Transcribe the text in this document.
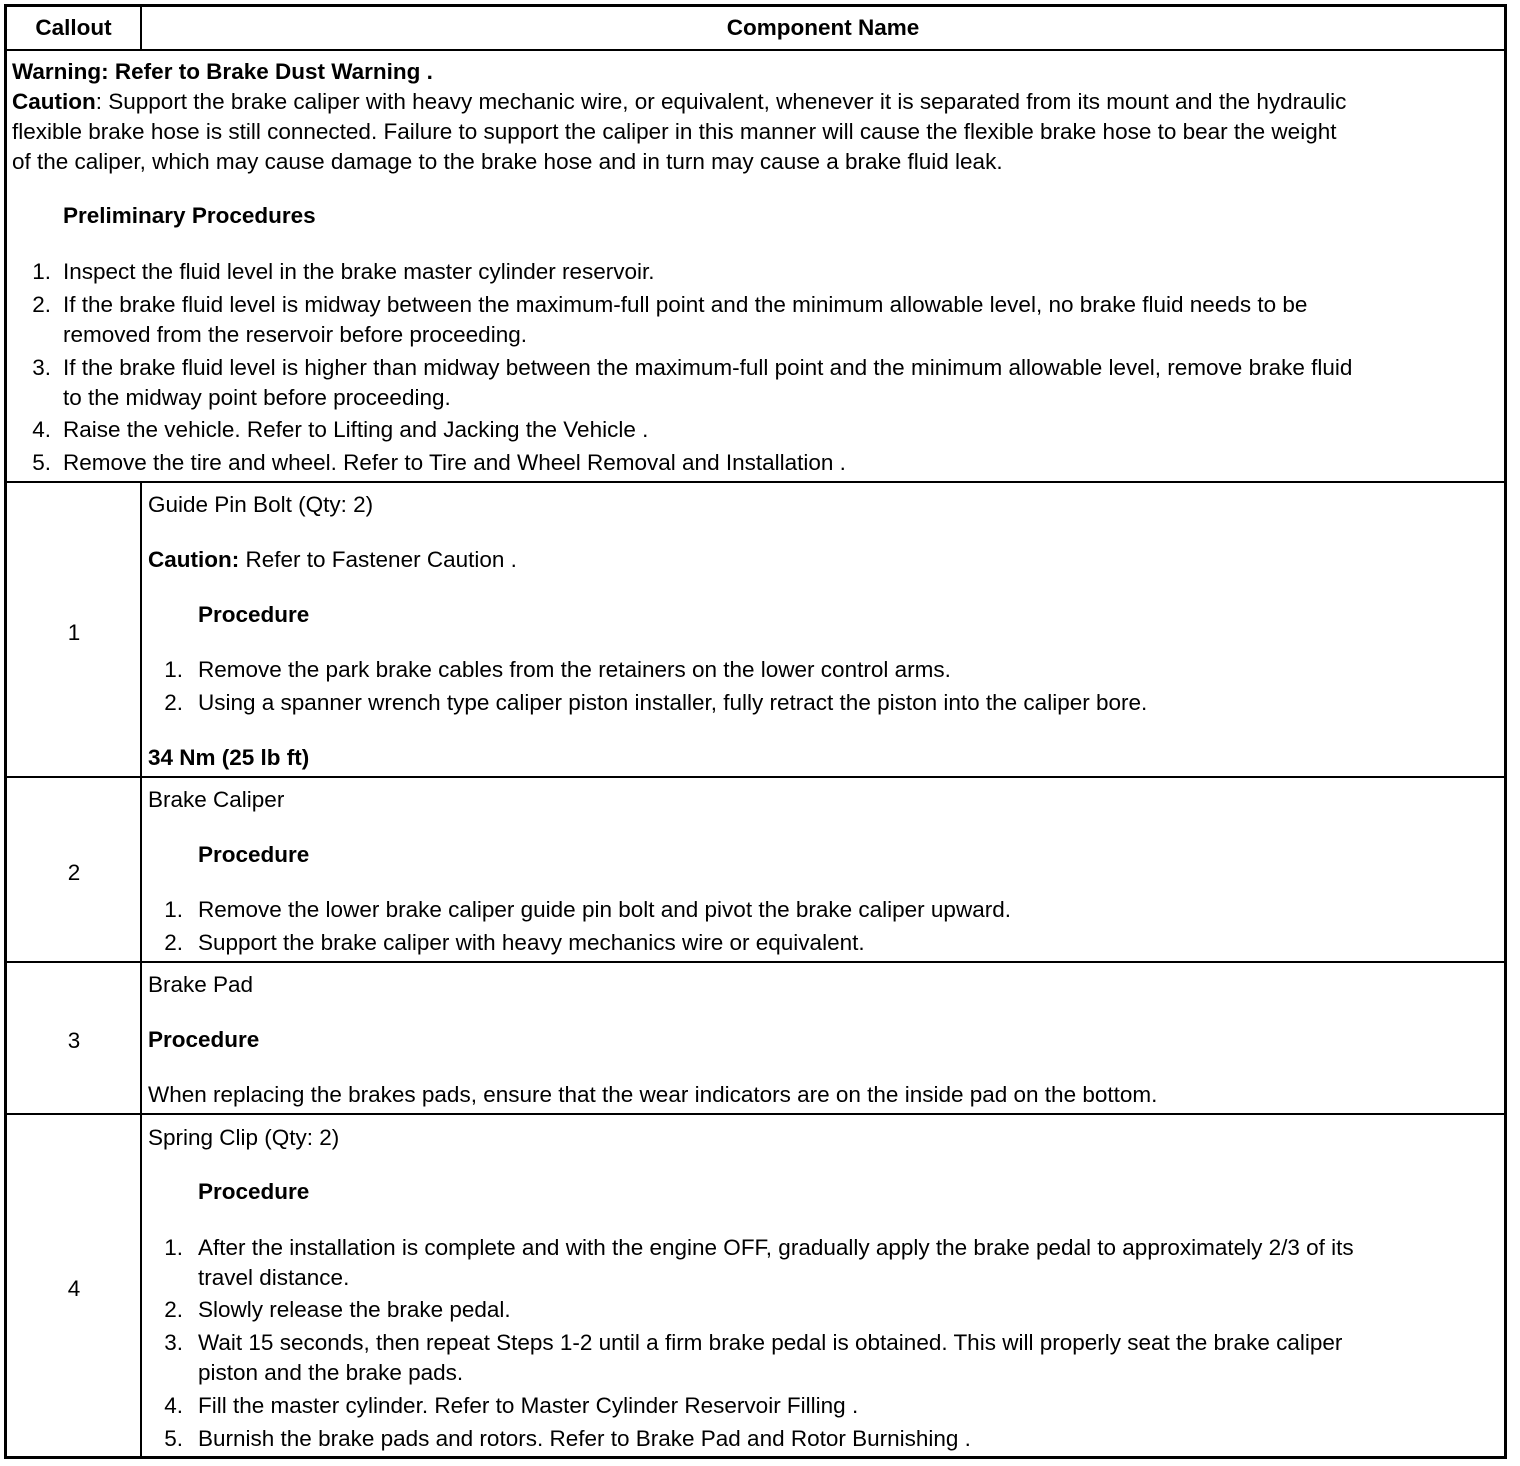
Callout	Component Name
Warning: Refer to Brake Dust Warning .
Caution: Support the brake caliper with heavy mechanic wire, or equivalent, whenever it is separated from its mount and the hydraulic
flexible brake hose is still connected. Failure to support the caliper in this manner will cause the flexible brake hose to bear the weight
of the caliper, which may cause damage to the brake hose and in turn may cause a brake fluid leak.
Preliminary Procedures
1. Inspect the fluid level in the brake master cylinder reservoir.
2. If the brake fluid level is midway between the maximum-full point and the minimum allowable level, no brake fluid needs to be
removed from the reservoir before proceeding.
3. If the brake fluid level is higher than midway between the maximum-full point and the minimum allowable level, remove brake fluid
to the midway point before proceeding.
4. Raise the vehicle. Refer to Lifting and Jacking the Vehicle .
5. Remove the tire and wheel. Refer to Tire and Wheel Removal and Installation .
1
Guide Pin Bolt (Qty: 2)
Caution: Refer to Fastener Caution .
Procedure
1. Remove the park brake cables from the retainers on the lower control arms.
2. Using a spanner wrench type caliper piston installer, fully retract the piston into the caliper bore.
34 Nm (25 lb ft)
2
Brake Caliper
Procedure
1. Remove the lower brake caliper guide pin bolt and pivot the brake caliper upward.
2. Support the brake caliper with heavy mechanics wire or equivalent.
3
Brake Pad
Procedure
When replacing the brakes pads, ensure that the wear indicators are on the inside pad on the bottom.
4
Spring Clip (Qty: 2)
Procedure
1. After the installation is complete and with the engine OFF, gradually apply the brake pedal to approximately 2/3 of its
travel distance.
2. Slowly release the brake pedal.
3. Wait 15 seconds, then repeat Steps 1-2 until a firm brake pedal is obtained. This will properly seat the brake caliper
piston and the brake pads.
4. Fill the master cylinder. Refer to Master Cylinder Reservoir Filling .
5. Burnish the brake pads and rotors. Refer to Brake Pad and Rotor Burnishing .
